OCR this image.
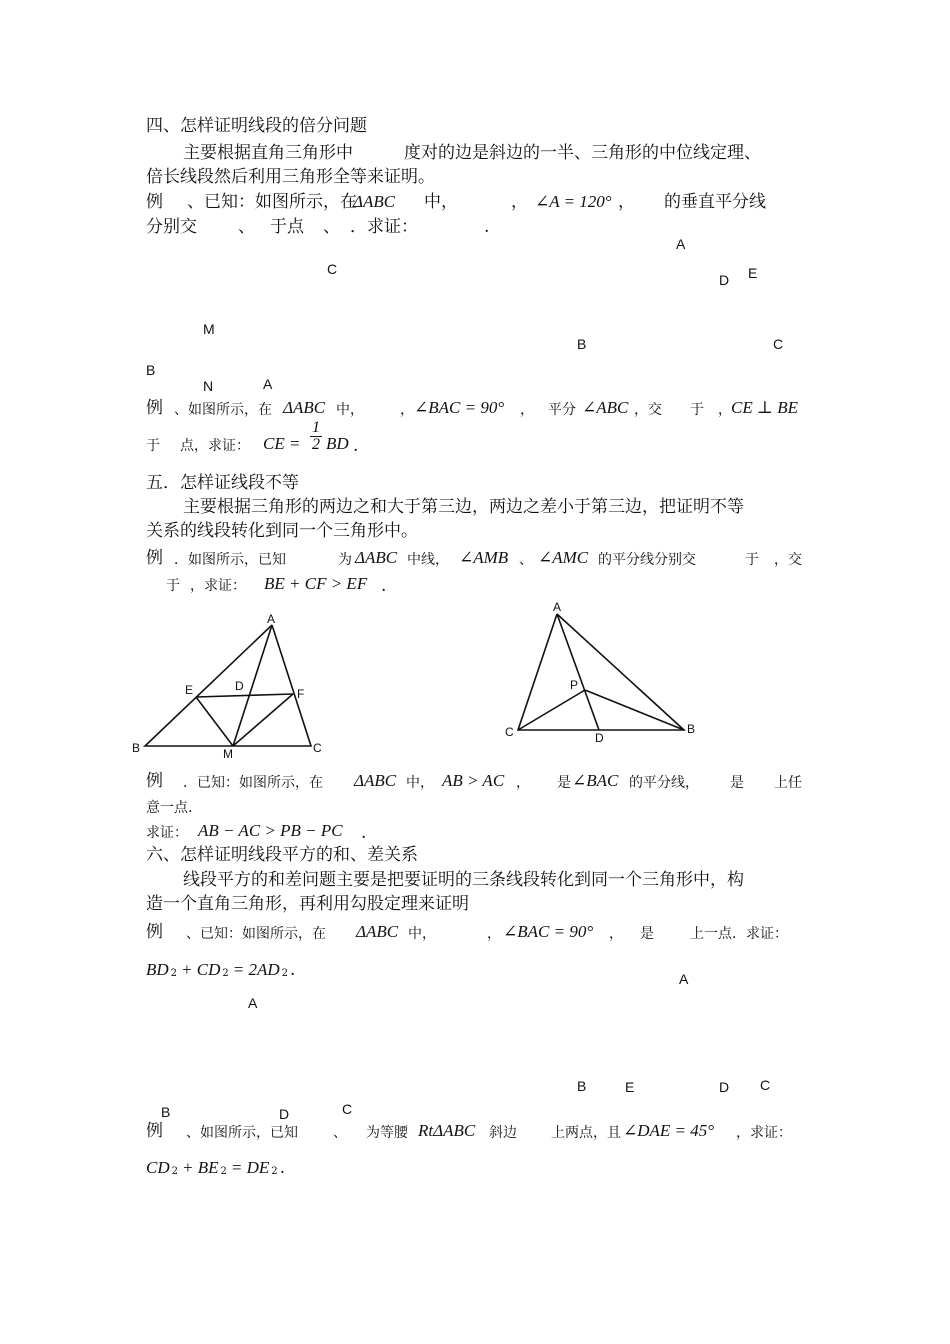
四、怎样证明线段的倍分问题
主要根据直角三角形中	度对的边是斜边的一半、三角形的中位线定理、
倍长线段然后利用三角形全等来证明。
例 、已知：如图所示，在
ΔABC 中，	， ∠A = 120° ， 的垂直平分线
分别交 、 于点 、 ．求证：	.
A
C
D E
M
B	C
B
N	A
例 、如图所示，在 ΔABC 中，	， ∠BAC = 90° ， 平分 ∠ABC ，交 于 ， CE ⊥ BE
于 点，求证： CE = $\frac{1}{2}$ BD .
五．怎样证线段不等
主要根据三角形的两边之和大于第三边，两边之差小于第三边，把证明不等
关系的线段转化到同一个三角形中。
例 ．如图所示，已知	为 ΔABC 中线， ∠AMB 、 ∠AMC 的平分线分别交	于 ，交
于 ，求证： BE + CF > EF .
A
B	C
D
E	F
M
A
B
C	D
P
例 ．已知：如图所示，在 ΔABC 中， AB > AC ， 是 ∠BAC 的平分线， 是 上任
意一点.
求证： AB − AC > PB − PC .
六、怎样证明线段平方的和、差关系
线段平方的和差问题主要是把要证明的三条线段转化到同一个三角形中，构
造一个直角三角形，再利用勾股定理来证明
例 、已知：如图所示，在 ΔABC 中，	， ∠BAC = 90° ， 是	上一点．求证：
BD 2 + CD 2 = 2AD 2 .	A
A
B	E	D C
B	D	C
例 、如图所示，已知	、 为等腰 RtΔABC 斜边 上两点，且 ∠DAE = 45° ，求证：
CD 2 + BE 2 = DE 2 .
